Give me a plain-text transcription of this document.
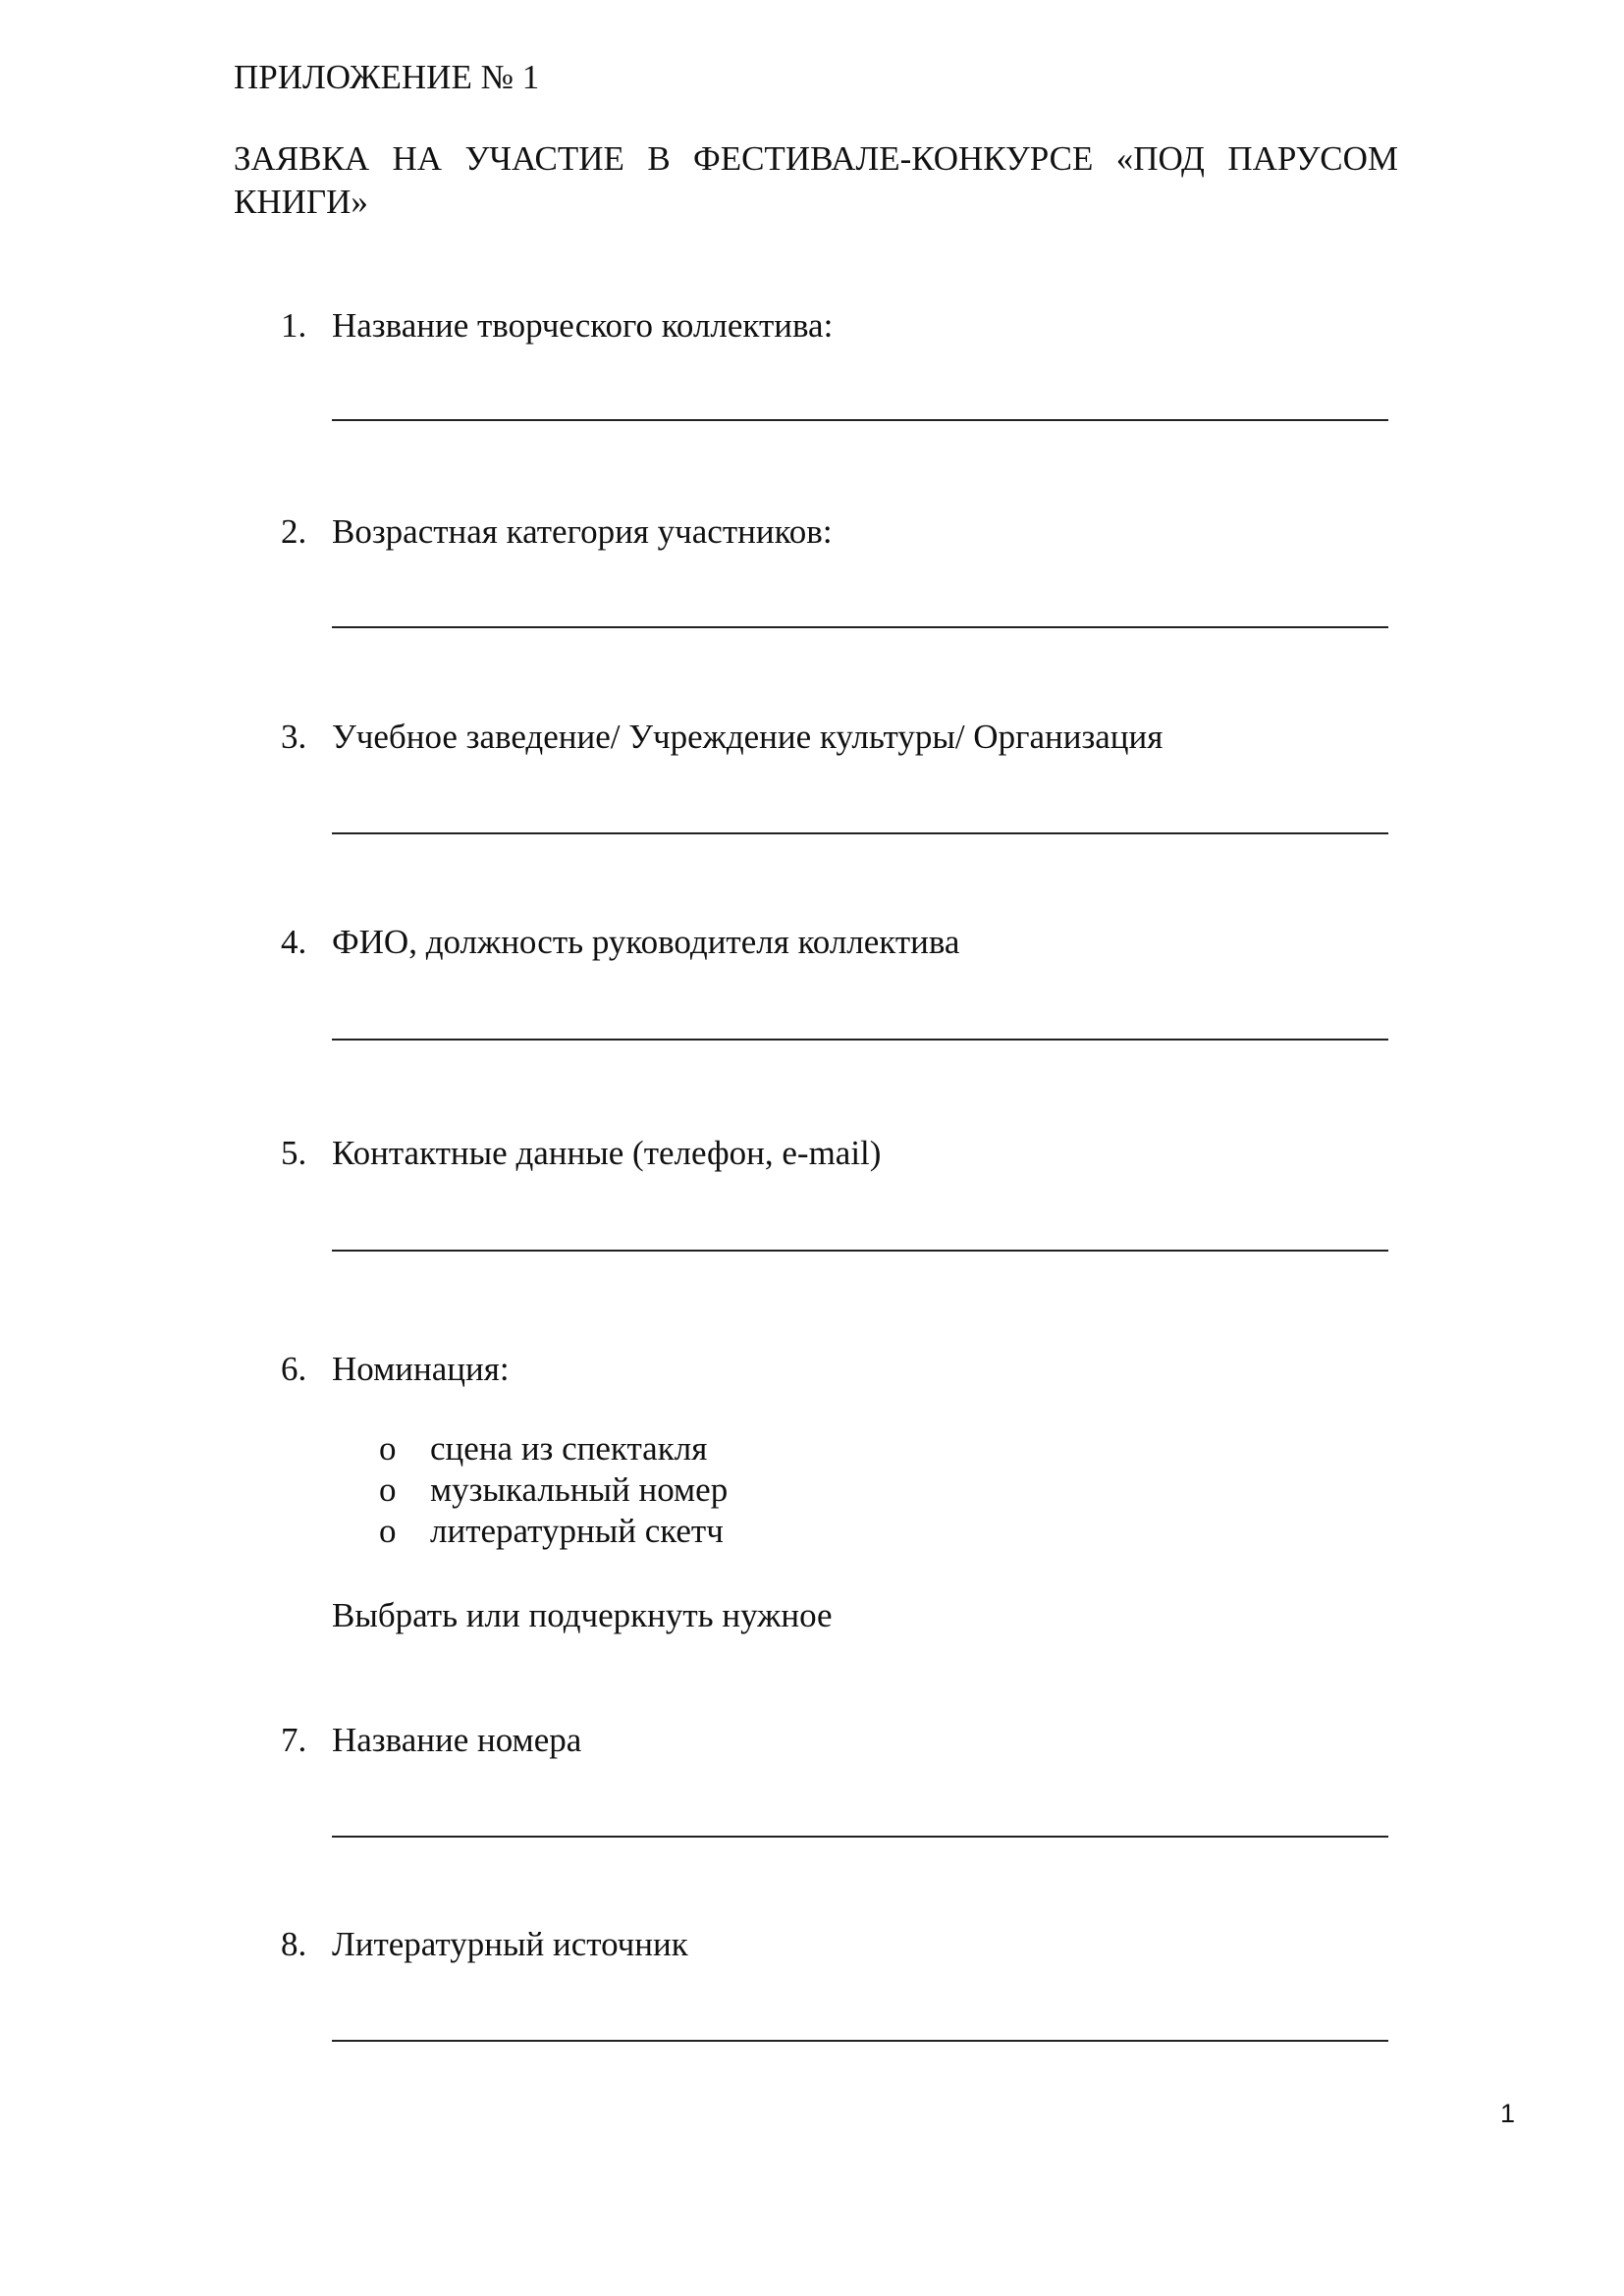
ПРИЛОЖЕНИЕ № 1
ЗАЯВКА НА УЧАСТИЕ В ФЕСТИВАЛЕ-КОНКУРСЕ «ПОД ПАРУСОМ КНИГИ»
1. Название творческого коллектива:
2. Возрастная категория участников:
3. Учебное заведение/ Учреждение культуры/ Организация
4. ФИО, должность руководителя коллектива
5. Контактные данные (телефон, e-mail)
6. Номинация:
o сцена из спектакля
o музыкальный номер
o литературный скетч
Выбрать или подчеркнуть нужное
7. Название номера
8. Литературный источник
1
